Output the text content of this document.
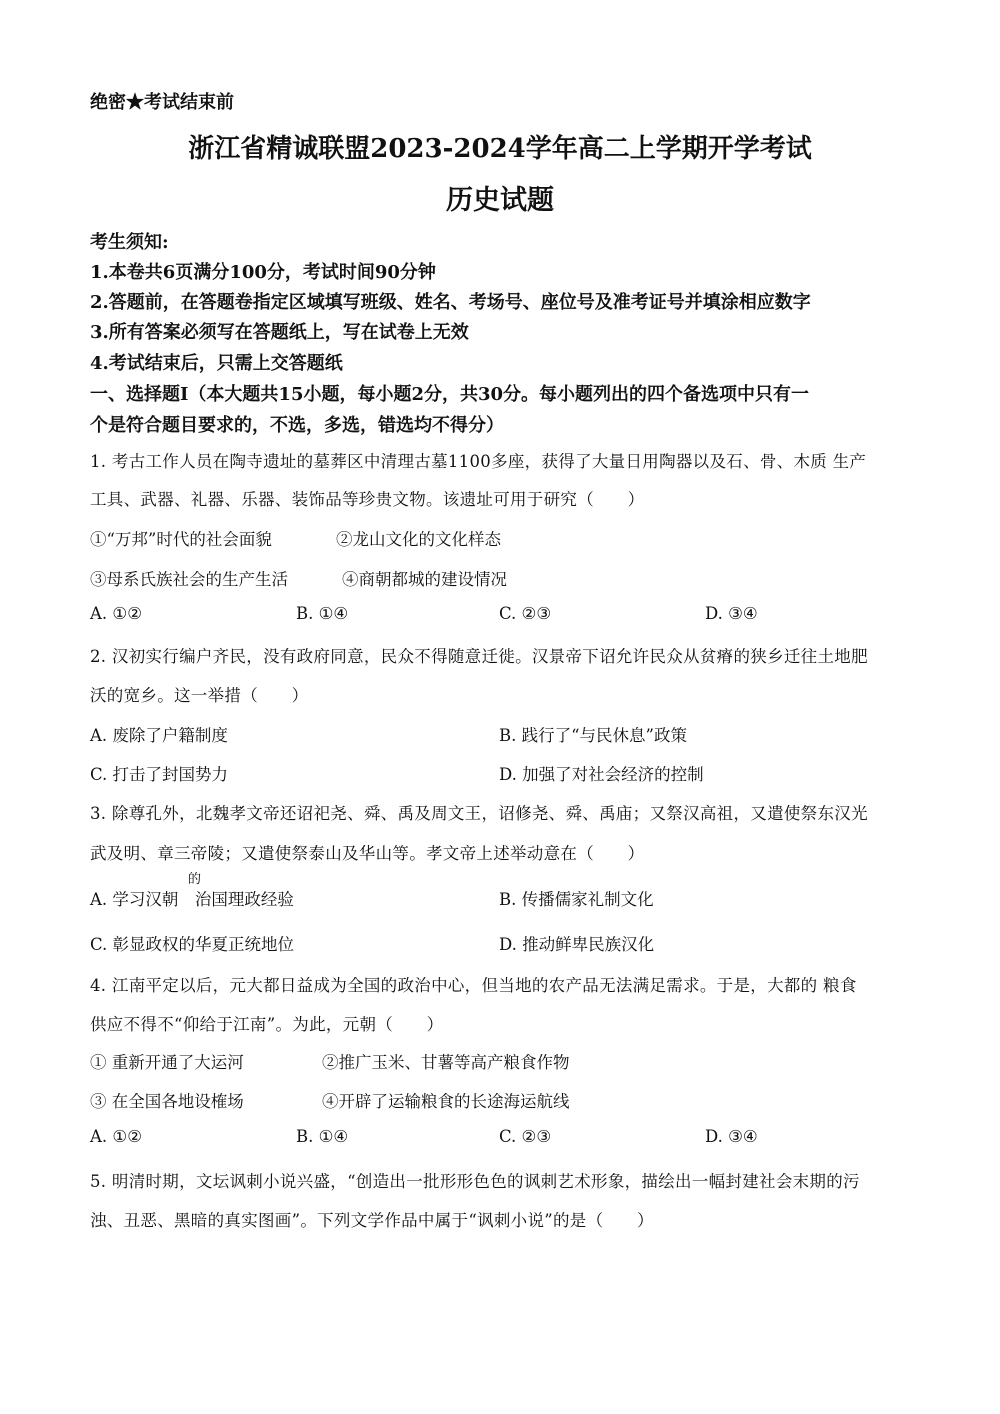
绝密★考试结束前
浙江省精诚联盟2023-2024学年高二上学期开学考试
历史试题
考生须知:
1.本卷共6页满分100分，考试时间90分钟
2.答题前，在答题卷指定区域填写班级、姓名、考场号、座位号及准考证号并填涂相应数字
3.所有答案必须写在答题纸上，写在试卷上无效
4.考试结束后，只需上交答题纸
一、选择题Ⅰ（本大题共15小题，每小题2分，共30分。每小题列出的四个备选项中只有一
个是符合题目要求的，不选，多选，错选均不得分）
1. 考古工作人员在陶寺遗址的墓葬区中清理古墓1100多座，获得了大量日用陶器以及石、骨、木质 生产
工具、武器、礼器、乐器、装饰品等珍贵文物。该遗址可用于研究（　　）
①“万邦”时代的社会面貌	②龙山文化的文化样态
③母系氏族社会的生产生活	④商朝都城的建设情况
A. ①②	B. ①④	C. ②③	D. ③④
2. 汉初实行编户齐民，没有政府同意，民众不得随意迁徙。汉景帝下诏允许民众从贫瘠的狭乡迁往土地肥
沃的宽乡。这一举措（　　）
A. 废除了户籍制度	B. 践行了“与民休息”政策
C. 打击了封国势力	D. 加强了对社会经济的控制
3. 除尊孔外，北魏孝文帝还诏祀尧、舜、禹及周文王，诏修尧、舜、禹庙；又祭汉高祖，又遣使祭东汉光
武及明、章三帝陵；又遣使祭泰山及华山等。孝文帝上述举动意在（　　）
的
A. 学习汉朝　治国理政经验	B. 传播儒家礼制文化
C. 彰显政权的华夏正统地位	D. 推动鲜卑民族汉化
4. 江南平定以后，元大都日益成为全国的政治中心，但当地的农产品无法满足需求。于是，大都的 粮食
供应不得不“仰给于江南”。为此，元朝（　　）
① 重新开通了大运河	②推广玉米、甘薯等高产粮食作物
③ 在全国各地设榷场	④开辟了运输粮食的长途海运航线
A. ①②	B. ①④	C. ②③	D. ③④
5. 明清时期，文坛讽刺小说兴盛，“创造出一批形形色色的讽刺艺术形象，描绘出一幅封建社会末期的污
浊、丑恶、黑暗的真实图画”。下列文学作品中属于“讽刺小说”的是（　　）
